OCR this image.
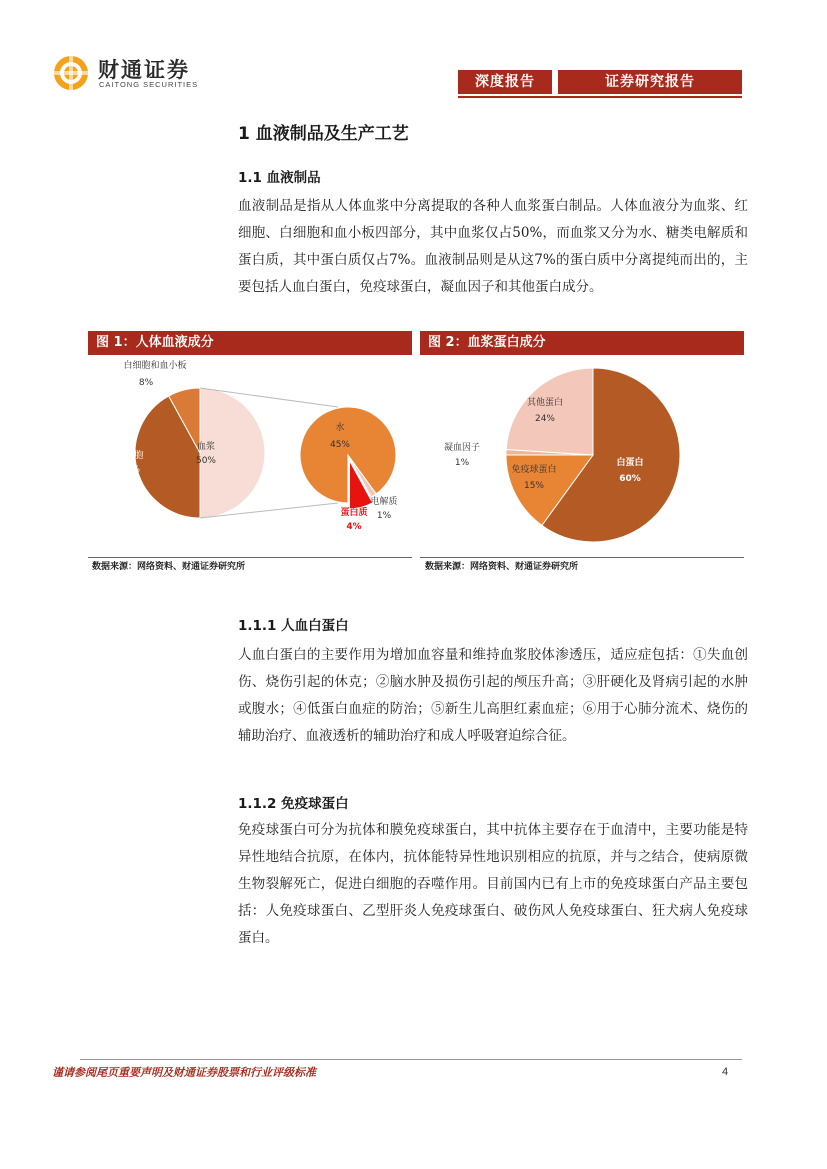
财通证券
CAITONG SECURITIES	深度报告	证券研究报告
1 血液制品及生产工艺
1.1 血液制品
血液制品是指从人体血浆中分离提取的各种人血浆蛋白制品。人体血液分为血浆、红细胞、白细胞和血小板四部分，其中血浆仅占50%，而血浆又分为水、糖类电解质和蛋白质，其中蛋白质仅占7%。血液制品则是从这7%的蛋白质中分离提纯而出的，主要包括人血白蛋白，免疫球蛋白，凝血因子和其他蛋白成分。
图 1：人体血液成分
白细胞和血小板
8%
红细胞
42%
血浆
50%
水
45%
电解质
1%
蛋白质
4%
数据来源：网络资料、财通证券研究所
图 2：血浆蛋白成分
其他蛋白
24%
凝血因子
1%
免疫球蛋白
15%
白蛋白
60%
数据来源：网络资料、财通证券研究所
1.1.1 人血白蛋白
人血白蛋白的主要作用为增加血容量和维持血浆胶体渗透压，适应症包括：①失血创伤、烧伤引起的休克；②脑水肿及损伤引起的颅压升高；③肝硬化及肾病引起的水肿或腹水；④低蛋白血症的防治；⑤新生儿高胆红素血症；⑥用于心肺分流术、烧伤的辅助治疗、血液透析的辅助治疗和成人呼吸窘迫综合征。
1.1.2 免疫球蛋白
免疫球蛋白可分为抗体和膜免疫球蛋白，其中抗体主要存在于血清中，主要功能是特异性地结合抗原，在体内，抗体能特异性地识别相应的抗原，并与之结合，使病原微生物裂解死亡，促进白细胞的吞噬作用。目前国内已有上市的免疫球蛋白产品主要包括：人免疫球蛋白、乙型肝炎人免疫球蛋白、破伤风人免疫球蛋白、狂犬病人免疫球蛋白。
谨请参阅尾页重要声明及财通证券股票和行业评级标准	4
